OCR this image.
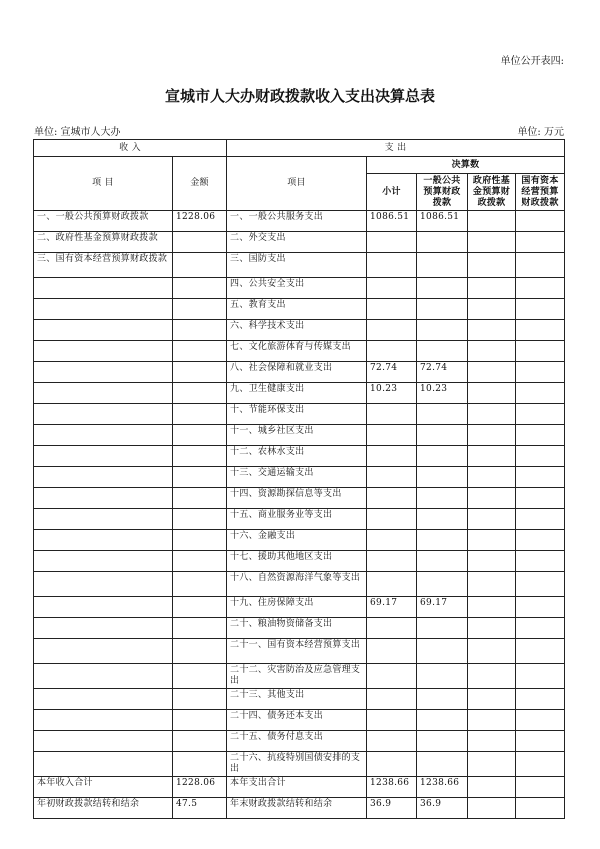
单位公开表四:
宣城市人大办财政拨款收入支出决算总表
单位: 宣城市人大办	单位: 万元
收 入		支 出				
项 目	金额	项目	决算数			
			小计	一般公共预算财政拨款	政府性基金预算财政拨款	国有资本经营预算财政拨款
一、一般公共预算财政拨款	1228.06	一、一般公共服务支出	1086.51	1086.51		
二、政府性基金预算财政拨款		二、外交支出				
三、国有资本经营预算财政拨款		三、国防支出				
		四、公共安全支出				
		五、教育支出				
		六、科学技术支出				
		七、文化旅游体育与传媒支出				
		八、社会保障和就业支出	72.74	72.74		
		九、卫生健康支出	10.23	10.23		
		十、节能环保支出				
		十一、城乡社区支出				
		十二、农林水支出				
		十三、交通运输支出				
		十四、资源勘探信息等支出				
		十五、商业服务业等支出				
		十六、金融支出				
		十七、援助其他地区支出				
		十八、自然资源海洋气象等支出				
		十九、住房保障支出	69.17	69.17		
		二十、粮油物资储备支出				
		二十一、国有资本经营预算支出				
		二十二、灾害防治及应急管理支出				
		二十三、其他支出				
		二十四、债务还本支出				
		二十五、债务付息支出				
		二十六、抗疫特别国债安排的支出				
本年收入合计	1228.06	本年支出合计	1238.66	1238.66		
年初财政拨款结转和结余	47.5	年末财政拨款结转和结余	36.9	36.9		
